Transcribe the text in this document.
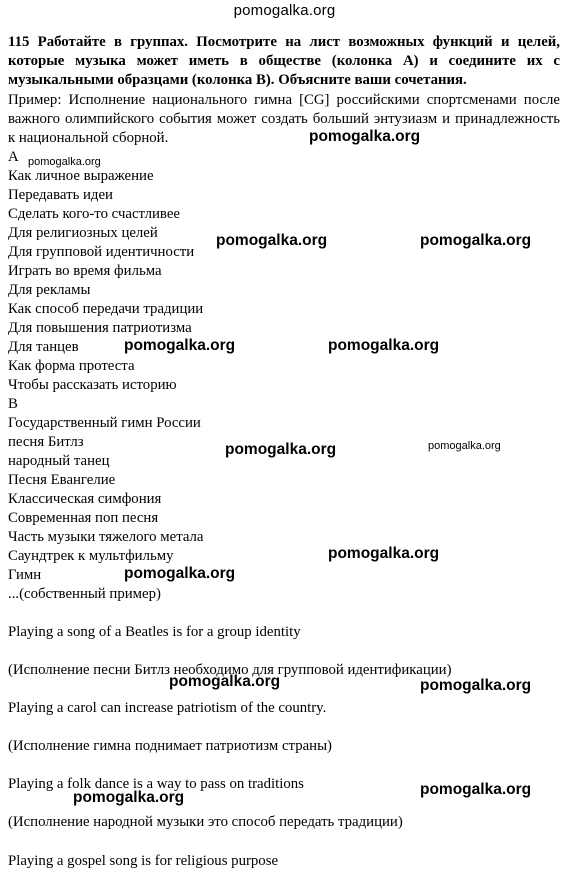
pomogalka.org
115 Работайте в группах. Посмотрите на лист возможных функций и целей, которые музыка может иметь в обществе (колонка А) и соедините их с музыкальными образцами (колонка В). Объясните ваши сочетания.
Пример: Исполнение национального гимна [CG] российскими спортсменами после важного олимпийского события может создать больший энтузиазм и принадлежность к национальной сборной.
А
Как личное выражение
Передавать идеи
Сделать кого-то счастливее
Для религиозных целей
Для групповой идентичности
Играть во время фильма
Для рекламы
Как способ передачи традиции
Для повышения патриотизма
Для танцев
Как форма протеста
Чтобы рассказать историю
В
Государственный гимн России
песня Битлз
народный танец
Песня Евангелие
Классическая симфония
Современная поп песня
Часть музыки тяжелого метала
Саундтрек к мультфильму
Гимн
...(собственный пример)
Playing a song of a Beatles is for a group identity
(Исполнение песни Битлз необходимо для групповой идентификации)
Playing a carol can increase patriotism of the country.
(Исполнение гимна поднимает патриотизм страны)
Playing a folk dance is a way to pass on traditions
(Исполнение народной музыки это способ передать традиции)
Playing a gospel song is for religious purpose
pomogalka.org
pomogalka.org
pomogalka.org	pomogalka.org
pomogalka.org	pomogalka.org
pomogalka.org	pomogalka.org
pomogalka.org
pomogalka.org
pomogalka.org	pomogalka.org
pomogalka.org	pomogalka.org
